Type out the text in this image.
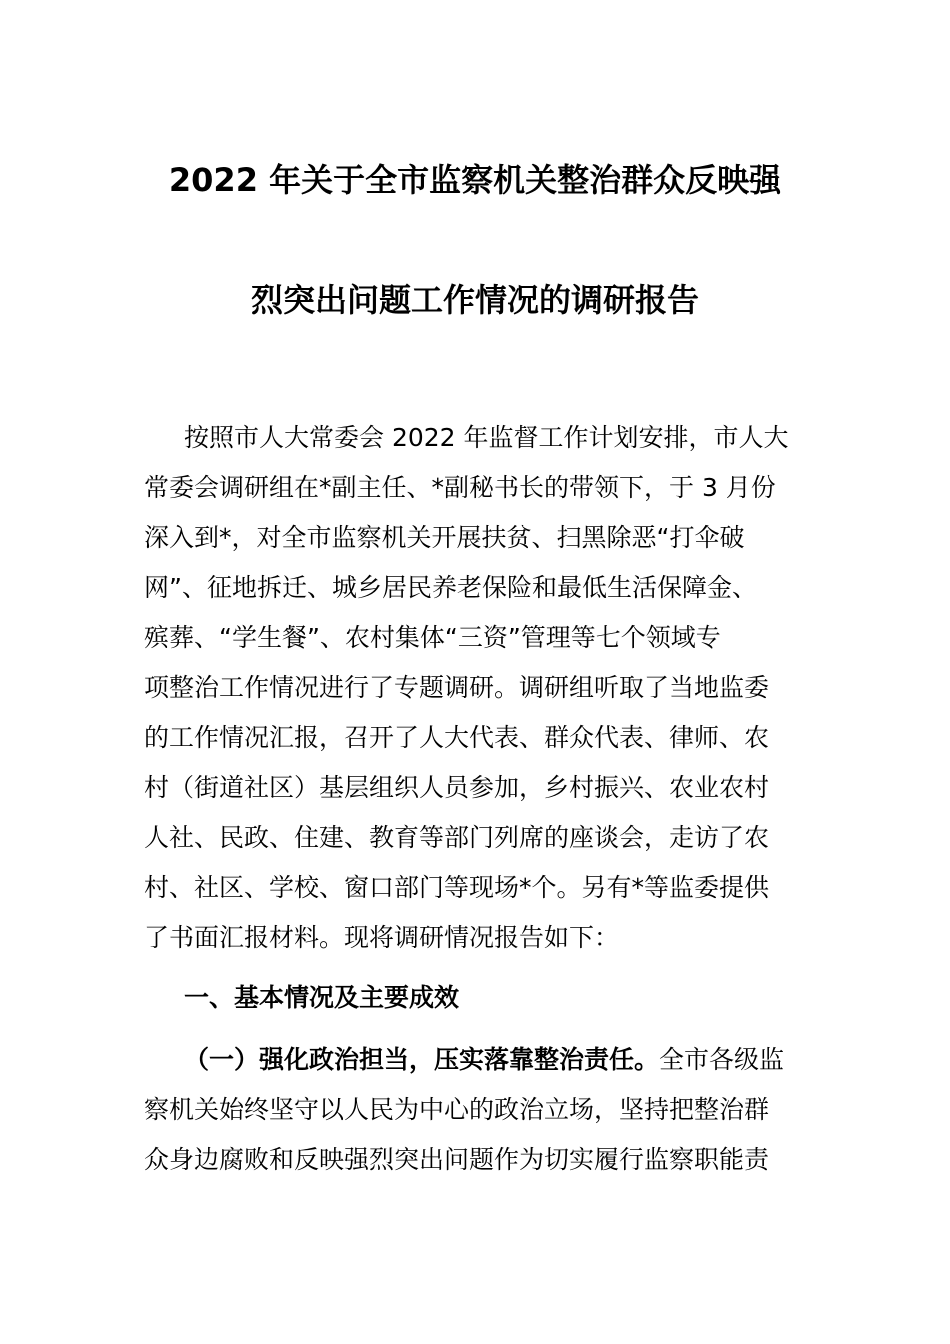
2022 年关于全市监察机关整治群众反映强
烈突出问题工作情况的调研报告
按照市人大常委会 2022 年监督工作计划安排，市人大
常委会调研组在*副主任、*副秘书长的带领下，于 3 月份
深入到*，对全市监察机关开展扶贫、扫黑除恶“打伞破
网”、征地拆迁、城乡居民养老保险和最低生活保障金、
殡葬、“学生餐”、农村集体“三资”管理等七个领域专
项整治工作情况进行了专题调研。调研组听取了当地监委
的工作情况汇报，召开了人大代表、群众代表、律师、农
村（街道社区）基层组织人员参加，乡村振兴、农业农村
人社、民政、住建、教育等部门列席的座谈会，走访了农
村、社区、学校、窗口部门等现场*个。另有*等监委提供
了书面汇报材料。现将调研情况报告如下：
一、基本情况及主要成效
（一）强化政治担当，压实落靠整治责任。全市各级监
察机关始终坚守以人民为中心的政治立场，坚持把整治群
众身边腐败和反映强烈突出问题作为切实履行监察职能责
